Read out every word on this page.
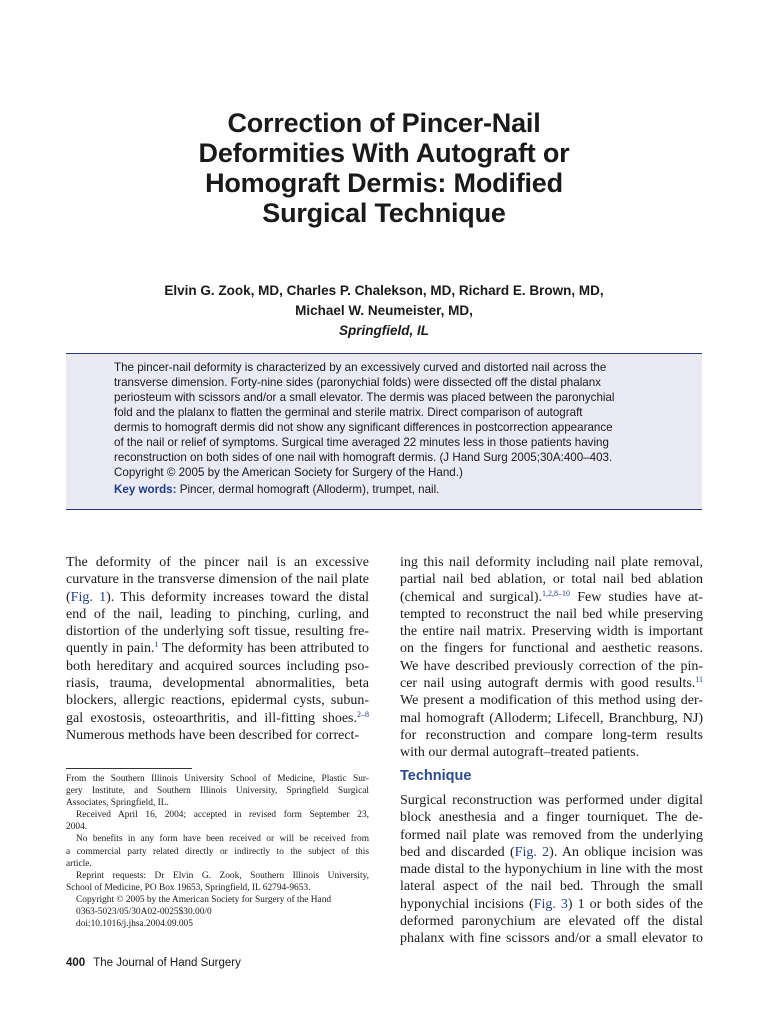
Correction of Pincer-Nail
Deformities With Autograft or
Homograft Dermis: Modified
Surgical Technique
Elvin G. Zook, MD, Charles P. Chalekson, MD, Richard E. Brown, MD,
Michael W. Neumeister, MD,
Springfield, IL
The pincer-nail deformity is characterized by an excessively curved and distorted nail across the
transverse dimension. Forty-nine sides (paronychial folds) were dissected off the distal phalanx
periosteum with scissors and/or a small elevator. The dermis was placed between the paronychial
fold and the plalanx to flatten the germinal and sterile matrix. Direct comparison of autograft
dermis to homograft dermis did not show any significant differences in postcorrection appearance
of the nail or relief of symptoms. Surgical time averaged 22 minutes less in those patients having
reconstruction on both sides of one nail with homograft dermis. (J Hand Surg 2005;30A:400–403.
Copyright © 2005 by the American Society for Surgery of the Hand.)
Key words: Pincer, dermal homograft (Alloderm), trumpet, nail.
The deformity of the pincer nail is an excessive
curvature in the transverse dimension of the nail plate
(Fig. 1). This deformity increases toward the distal
end of the nail, leading to pinching, curling, and
distortion of the underlying soft tissue, resulting fre-
quently in pain.$^1$ The deformity has been attributed to
both hereditary and acquired sources including pso-
riasis, trauma, developmental abnormalities, beta
blockers, allergic reactions, epidermal cysts, subun-
gal exostosis, osteoarthritis, and ill-fitting shoes.$^{2-8}$
Numerous methods have been described for correct-
ing this nail deformity including nail plate removal,
partial nail bed ablation, or total nail bed ablation
(chemical and surgical).$^{1,2,8-10}$ Few studies have at-
tempted to reconstruct the nail bed while preserving
the entire nail matrix. Preserving width is important
on the fingers for functional and aesthetic reasons.
We have described previously correction of the pin-
cer nail using autograft dermis with good results.$^{11}$
We present a modification of this method using der-
mal homograft (Alloderm; Lifecell, Branchburg, NJ)
for reconstruction and compare long-term results
with our dermal autograft–treated patients.
Technique
Surgical reconstruction was performed under digital
block anesthesia and a finger tourniquet. The de-
formed nail plate was removed from the underlying
bed and discarded (Fig. 2). An oblique incision was
made distal to the hyponychium in line with the most
lateral aspect of the nail bed. Through the small
hyponychial incisions (Fig. 3) 1 or both sides of the
deformed paronychium are elevated off the distal
phalanx with fine scissors and/or a small elevator to
From the Southern Illinois University School of Medicine, Plastic Sur-
gery Institute, and Southern Illinois University, Springfield Surgical
Associates, Springfield, IL.
Received April 16, 2004; accepted in revised form September 23,
2004.
No benefits in any form have been received or will be received from
a commercial party related directly or indirectly to the subject of this
article.
Reprint requests: Dr Elvin G. Zook, Southern Illinois University,
School of Medicine, PO Box 19653, Springfield, IL 62794-9653.
Copyright © 2005 by the American Society for Surgery of the Hand
0363-5023/05/30A02-0025$30.00/0
doi:10.1016/j.jhsa.2004.09.005
400 The Journal of Hand Surgery
